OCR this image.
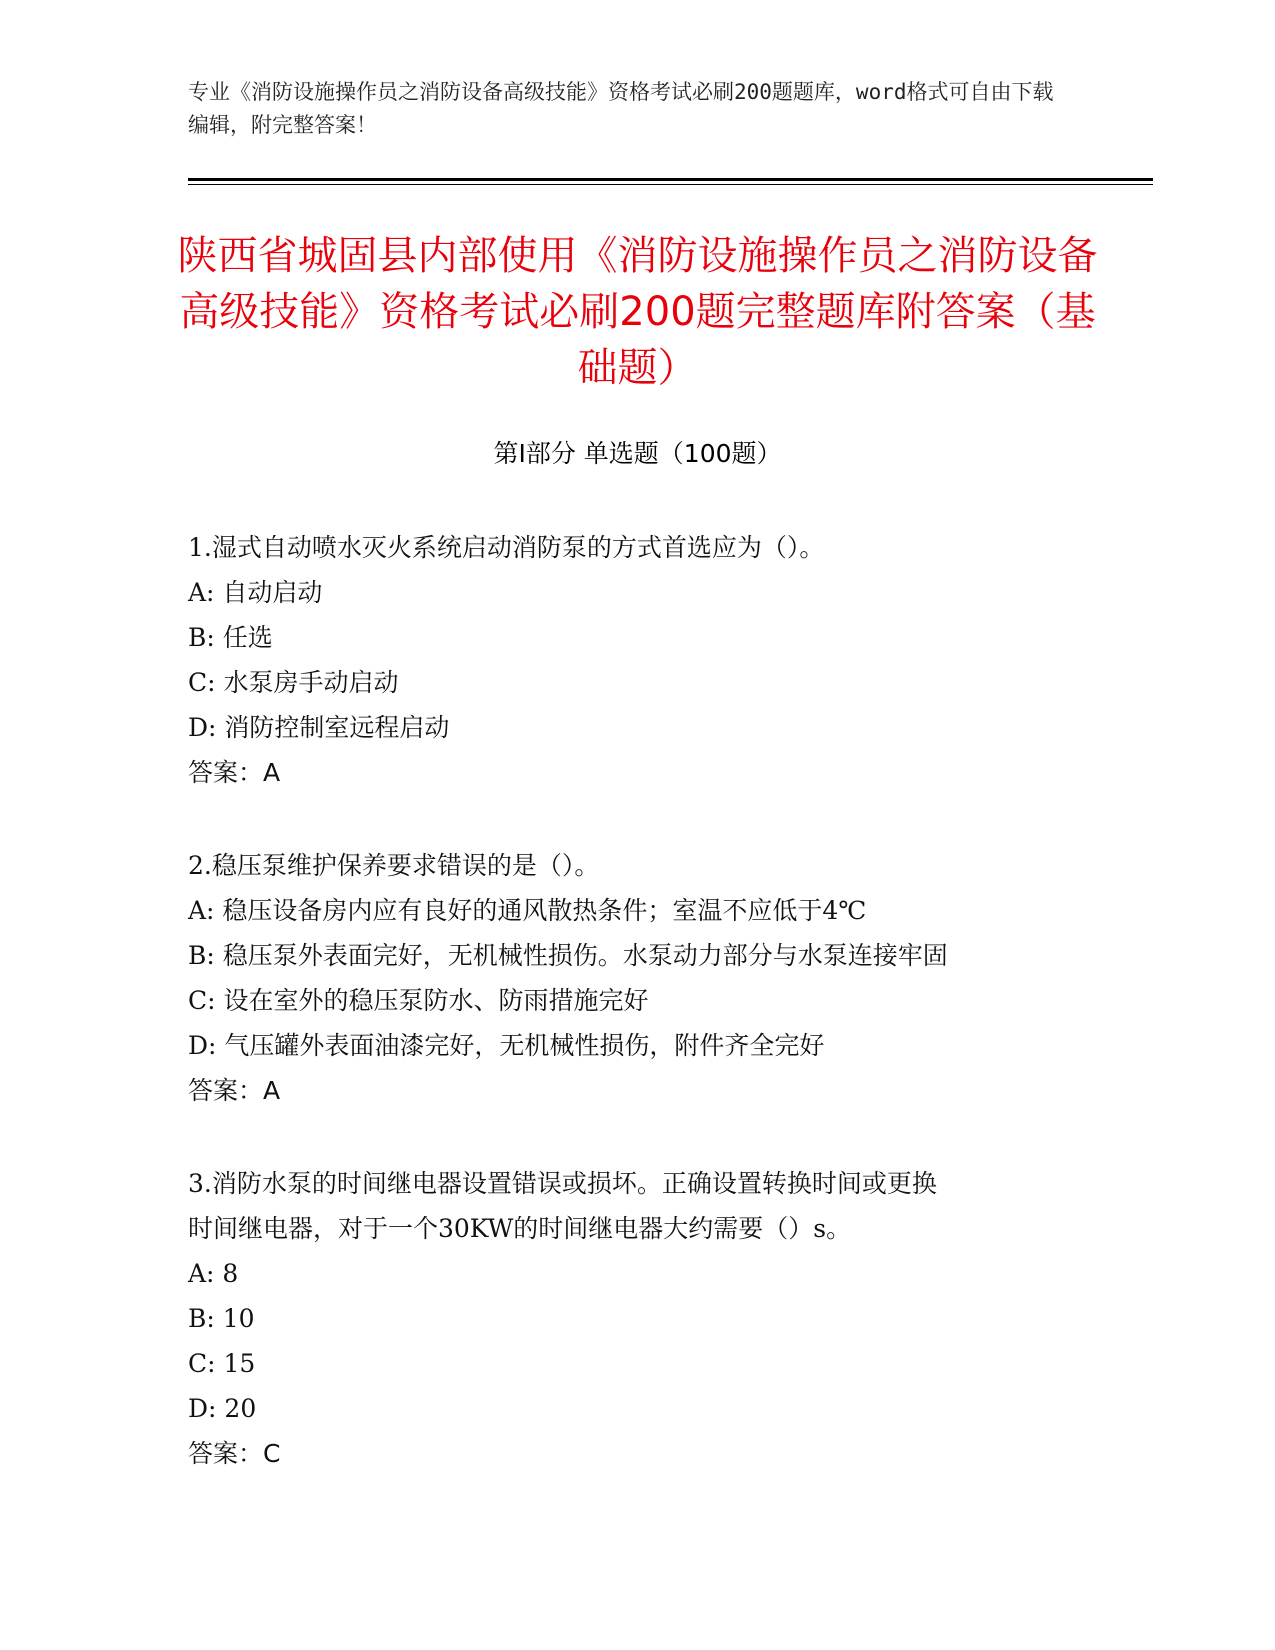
专业《消防设施操作员之消防设备高级技能》资格考试必刷200题题库，word格式可自由下载编辑，附完整答案！
陕西省城固县内部使用《消防设施操作员之消防设备高级技能》资格考试必刷200题完整题库附答案（基础题）
第I部分 单选题（100题）
1.湿式自动喷水灭火系统启动消防泵的方式首选应为（）。
A: 自动启动
B: 任选
C: 水泵房手动启动
D: 消防控制室远程启动
答案：A
2.稳压泵维护保养要求错误的是（）。
A: 稳压设备房内应有良好的通风散热条件；室温不应低于4℃
B: 稳压泵外表面完好，无机械性损伤。水泵动力部分与水泵连接牢固
C: 设在室外的稳压泵防水、防雨措施完好
D: 气压罐外表面油漆完好，无机械性损伤，附件齐全完好
答案：A
3.消防水泵的时间继电器设置错误或损坏。正确设置转换时间或更换
时间继电器，对于一个30KW的时间继电器大约需要（）s。
A: 8
B: 10
C: 15
D: 20
答案：C
